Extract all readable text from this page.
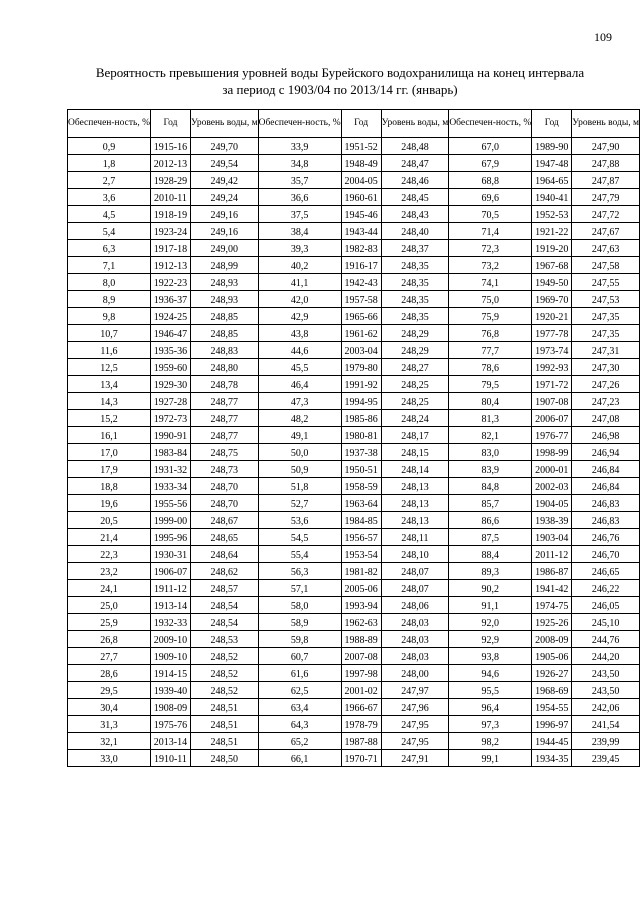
109
Вероятность превышения уровней воды Бурейского водохранилища на конец интервала
за период с 1903/04 по 2013/14 гг. (январь)
Обеспечен-ность, %	Год	Уровень воды, м	Обеспечен-ность, %	Год	Уровень воды, м	Обеспечен-ность, %	Год	Уровень воды, м
0,9	1915-16	249,70	33,9	1951-52	248,48	67,0	1989-90	247,90
1,8	2012-13	249,54	34,8	1948-49	248,47	67,9	1947-48	247,88
2,7	1928-29	249,42	35,7	2004-05	248,46	68,8	1964-65	247,87
3,6	2010-11	249,24	36,6	1960-61	248,45	69,6	1940-41	247,79
4,5	1918-19	249,16	37,5	1945-46	248,43	70,5	1952-53	247,72
5,4	1923-24	249,16	38,4	1943-44	248,40	71,4	1921-22	247,67
6,3	1917-18	249,00	39,3	1982-83	248,37	72,3	1919-20	247,63
7,1	1912-13	248,99	40,2	1916-17	248,35	73,2	1967-68	247,58
8,0	1922-23	248,93	41,1	1942-43	248,35	74,1	1949-50	247,55
8,9	1936-37	248,93	42,0	1957-58	248,35	75,0	1969-70	247,53
9,8	1924-25	248,85	42,9	1965-66	248,35	75,9	1920-21	247,35
10,7	1946-47	248,85	43,8	1961-62	248,29	76,8	1977-78	247,35
11,6	1935-36	248,83	44,6	2003-04	248,29	77,7	1973-74	247,31
12,5	1959-60	248,80	45,5	1979-80	248,27	78,6	1992-93	247,30
13,4	1929-30	248,78	46,4	1991-92	248,25	79,5	1971-72	247,26
14,3	1927-28	248,77	47,3	1994-95	248,25	80,4	1907-08	247,23
15,2	1972-73	248,77	48,2	1985-86	248,24	81,3	2006-07	247,08
16,1	1990-91	248,77	49,1	1980-81	248,17	82,1	1976-77	246,98
17,0	1983-84	248,75	50,0	1937-38	248,15	83,0	1998-99	246,94
17,9	1931-32	248,73	50,9	1950-51	248,14	83,9	2000-01	246,84
18,8	1933-34	248,70	51,8	1958-59	248,13	84,8	2002-03	246,84
19,6	1955-56	248,70	52,7	1963-64	248,13	85,7	1904-05	246,83
20,5	1999-00	248,67	53,6	1984-85	248,13	86,6	1938-39	246,83
21,4	1995-96	248,65	54,5	1956-57	248,11	87,5	1903-04	246,76
22,3	1930-31	248,64	55,4	1953-54	248,10	88,4	2011-12	246,70
23,2	1906-07	248,62	56,3	1981-82	248,07	89,3	1986-87	246,65
24,1	1911-12	248,57	57,1	2005-06	248,07	90,2	1941-42	246,22
25,0	1913-14	248,54	58,0	1993-94	248,06	91,1	1974-75	246,05
25,9	1932-33	248,54	58,9	1962-63	248,03	92,0	1925-26	245,10
26,8	2009-10	248,53	59,8	1988-89	248,03	92,9	2008-09	244,76
27,7	1909-10	248,52	60,7	2007-08	248,03	93,8	1905-06	244,20
28,6	1914-15	248,52	61,6	1997-98	248,00	94,6	1926-27	243,50
29,5	1939-40	248,52	62,5	2001-02	247,97	95,5	1968-69	243,50
30,4	1908-09	248,51	63,4	1966-67	247,96	96,4	1954-55	242,06
31,3	1975-76	248,51	64,3	1978-79	247,95	97,3	1996-97	241,54
32,1	2013-14	248,51	65,2	1987-88	247,95	98,2	1944-45	239,99
33,0	1910-11	248,50	66,1	1970-71	247,91	99,1	1934-35	239,45
